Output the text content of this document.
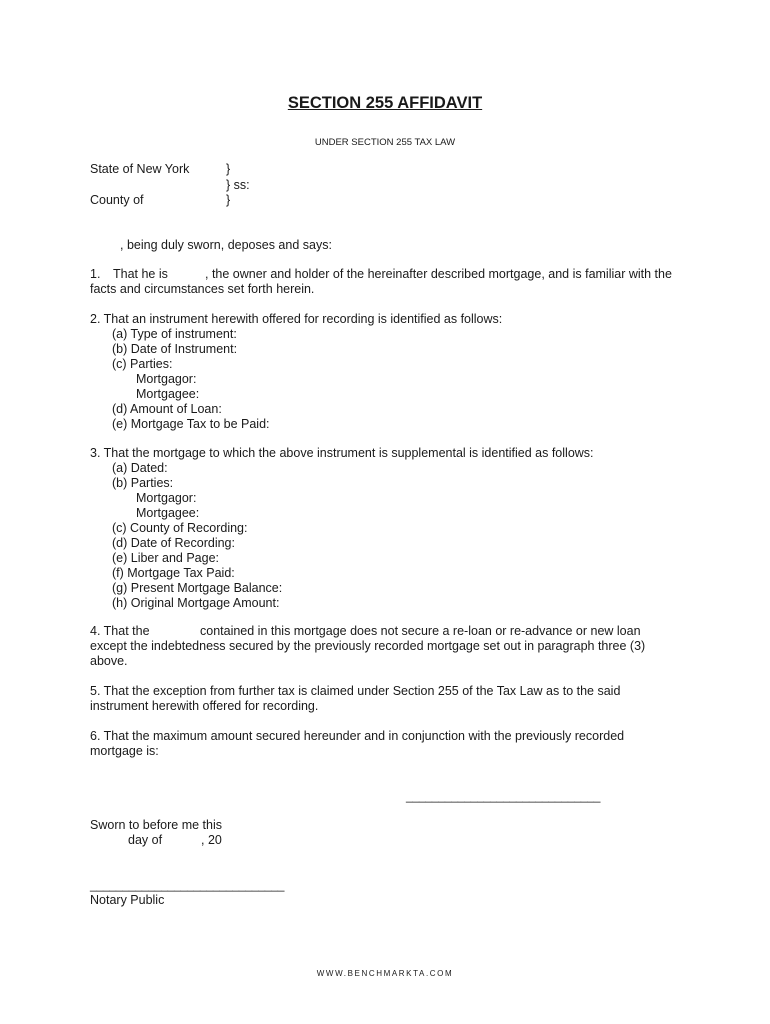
SECTION 255 AFFIDAVIT
UNDER SECTION 255 TAX LAW
State of New York
County of
}
} ss:
}
, being duly sworn, deposes and says:
1. That he is	, the owner and holder of the hereinafter described mortgage, and is familiar with the
facts and circumstances set forth herein.
2. That an instrument herewith offered for recording is identified as follows:
(a) Type of instrument:
(b) Date of Instrument:
(c) Parties:
Mortgagor:
Mortgagee:
(d) Amount of Loan:
(e) Mortgage Tax to be Paid:
3. That the mortgage to which the above instrument is supplemental is identified as follows:
(a) Dated:
(b) Parties:
Mortgagor:
Mortgagee:
(c) County of Recording:
(d) Date of Recording:
(e) Liber and Page:
(f) Mortgage Tax Paid:
(g) Present Mortgage Balance:
(h) Original Mortgage Amount:
4. That the	contained in this mortgage does not secure a re-loan or re-advance or new loan
except the indebtedness secured by the previously recorded mortgage set out in paragraph three (3)
above.
5. That the exception from further tax is claimed under Section 255 of the Tax Law as to the said
instrument herewith offered for recording.
6. That the maximum amount secured hereunder and in conjunction with the previously recorded
mortgage is:
______________________________
Sworn to before me this
day of	, 20
______________________________
Notary Public
WWW.BENCHMARKTA.COM
